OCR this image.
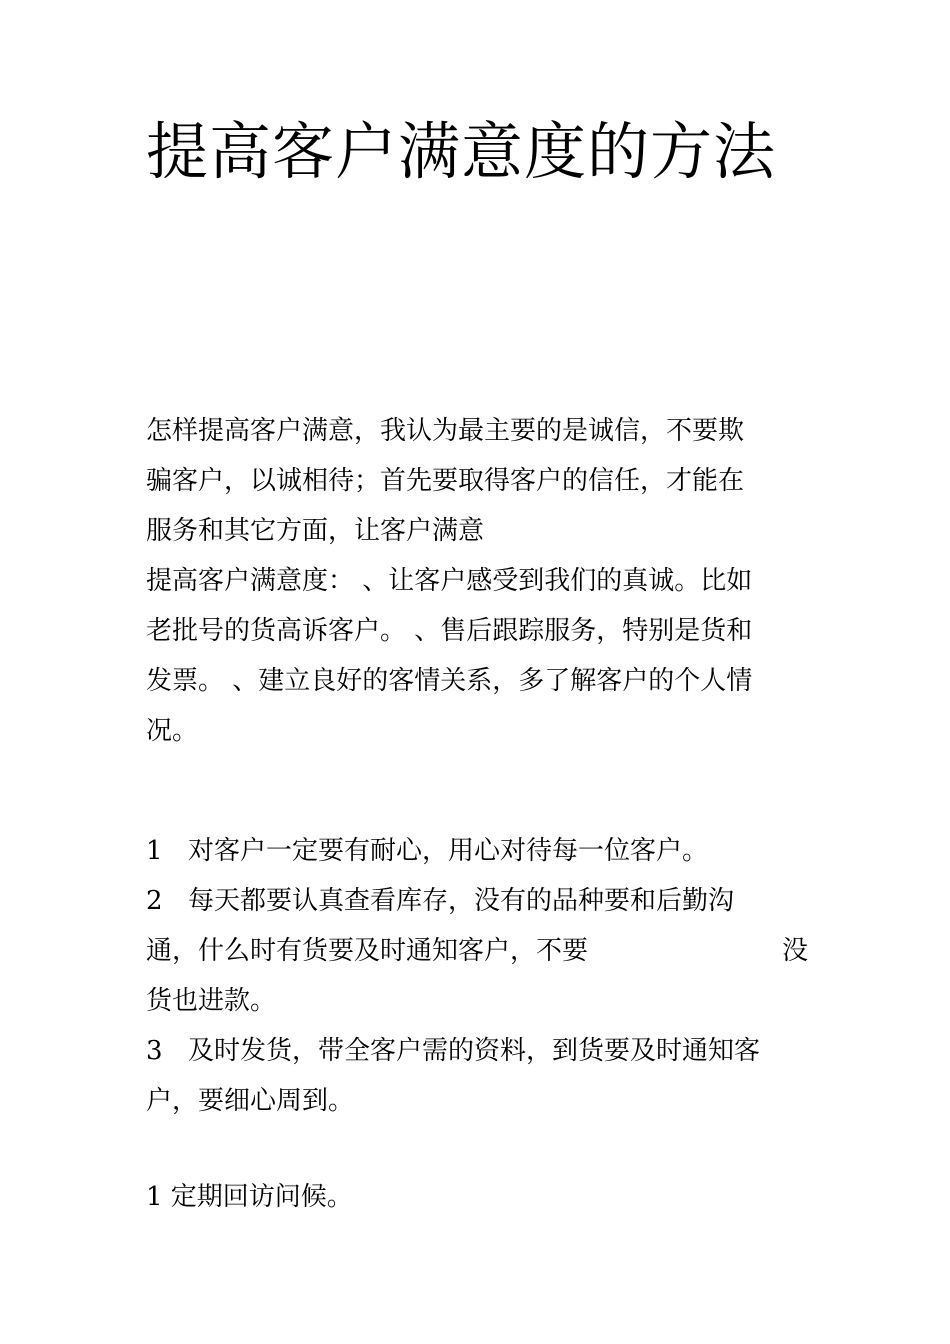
提高客户满意度的方法
怎样提高客户满意，我认为最主要的是诚信，不要欺
骗客户，以诚相待；首先要取得客户的信任，才能在
服务和其它方面，让客户满意
提高客户满意度： 、让客户感受到我们的真诚。比如
老批号的货高诉客户。 、售后跟踪服务，特别是货和
发票。 、建立良好的客情关系，多了解客户的个人情
况。
1 对客户一定要有耐心，用心对待每一位客户。
2 每天都要认真查看库存，没有的品种要和后勤沟
通，什么时有货要及时通知客户，不要	没
货也进款。
3 及时发货，带全客户需的资料，到货要及时通知客
户，要细心周到。
1 定期回访问候。
